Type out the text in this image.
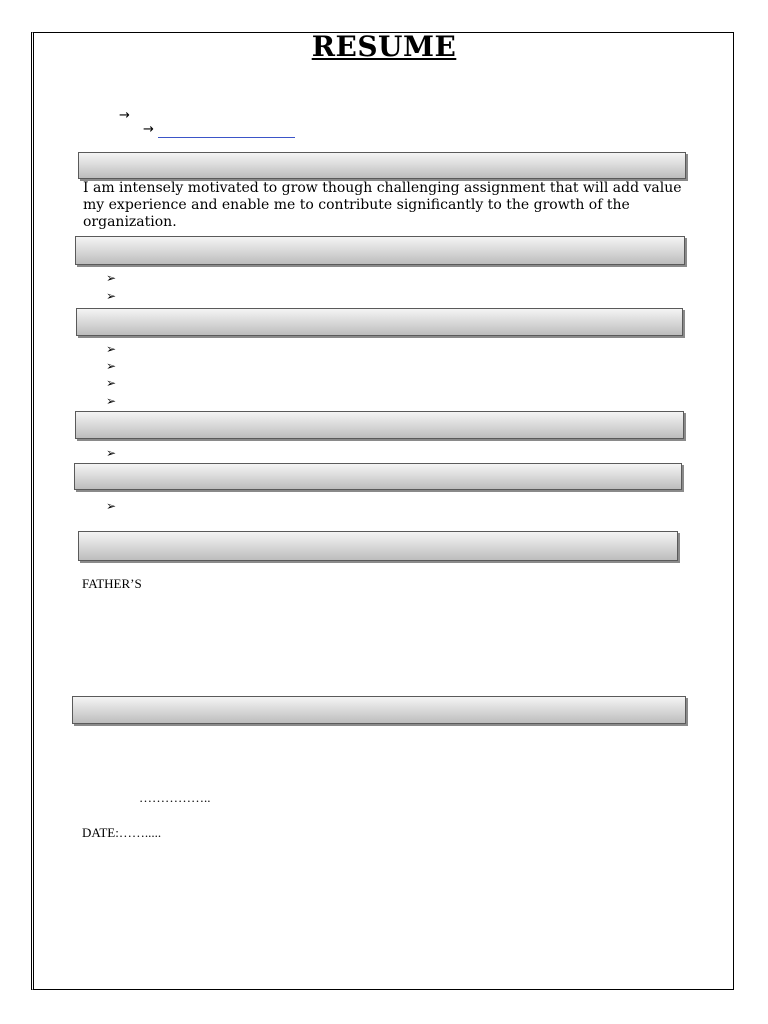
RESUME
→
→
I am intensely motivated to grow though challenging assignment that will add value my experience and enable me to contribute significantly to the growth of the organization.
➢
➢
➢
➢
➢
➢
➢
➢
FATHER’S
……………..
DATE:…….....
